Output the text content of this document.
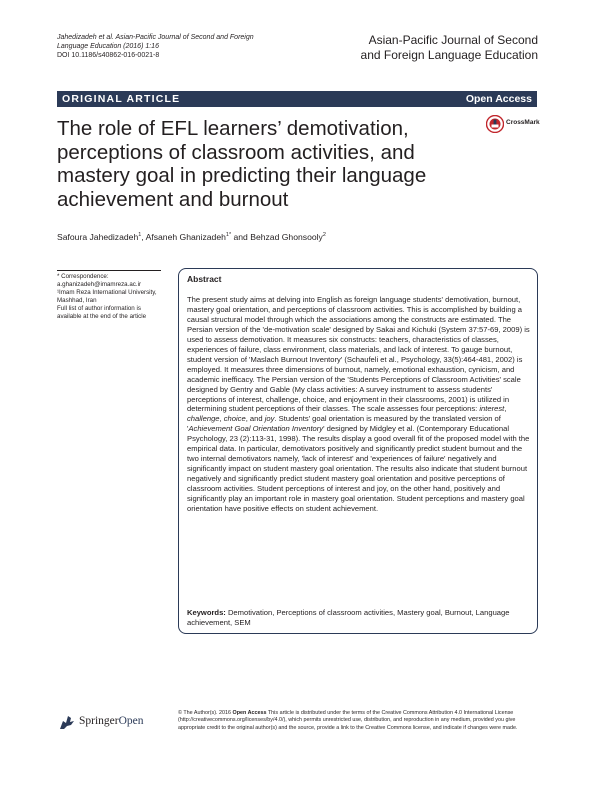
Jahedizadeh et al. Asian-Pacific Journal of Second and Foreign
Language Education (2016) 1:16
DOI 10.1186/s40862-016-0021-8
Asian-Pacific Journal of Second
and Foreign Language Education
ORIGINAL ARTICLE	Open Access
CrossMark
The role of EFL learners’ demotivation, perceptions of classroom activities, and mastery goal in predicting their language achievement and burnout
Safoura Jahedizadeh$^1$, Afsaneh Ghanizadeh$^{1*}$ and Behzad Ghonsooly$^2$
* Correspondence:
a.ghanizadeh@imamreza.ac.ir
¹Imam Reza International University, Mashhad, Iran
Full list of author information is available at the end of the article
Abstract
The present study aims at delving into English as foreign language students' demotivation, burnout, mastery goal orientation, and perceptions of classroom activities. This is accomplished by building a causal structural model through which the associations among the constructs are estimated. The Persian version of the 'de-motivation scale' designed by Sakai and Kichuki (System 37:57-69, 2009) is used to assess demotivation. It measures six constructs: teachers, characteristics of classes, experiences of failure, class environment, class materials, and lack of interest. To gauge burnout, student version of 'Maslach Burnout Inventory' (Schaufeli et al., Psychology, 33(5):464-481, 2002) is employed. It measures three dimensions of burnout, namely, emotional exhaustion, cynicism, and academic inefficacy. The Persian version of the 'Students Perceptions of Classroom Activities' scale designed by Gentry and Gable (My class activities: A survey instrument to assess students' perceptions of interest, challenge, choice, and enjoyment in their classrooms, 2001) is utilized in determining student perceptions of their classes. The scale assesses four perceptions: interest, challenge, choice, and joy. Students' goal orientation is measured by the translated version of 'Achievement Goal Orientation Inventory' designed by Midgley et al. (Contemporary Educational Psychology, 23 (2):113-31, 1998). The results display a good overall fit of the proposed model with the empirical data. In particular, demotivators positively and significantly predict student burnout and the two internal demotivators namely, 'lack of interest' and 'experiences of failure' negatively and significantly impact on student mastery goal orientation. The results also indicate that student burnout negatively and significantly predict student mastery goal orientation and positive perceptions of classroom activities. Student perceptions of interest and joy, on the other hand, positively and significantly play an important role in mastery goal orientation. Student perceptions and mastery goal orientation have positive effects on student achievement.
Keywords: Demotivation, Perceptions of classroom activities, Mastery goal, Burnout, Language achievement, SEM
SpringerOpen
© The Author(s). 2016 Open Access This article is distributed under the terms of the Creative Commons Attribution 4.0 International License (http://creativecommons.org/licenses/by/4.0/), which permits unrestricted use, distribution, and reproduction in any medium, provided you give appropriate credit to the original author(s) and the source, provide a link to the Creative Commons license, and indicate if changes were made.
